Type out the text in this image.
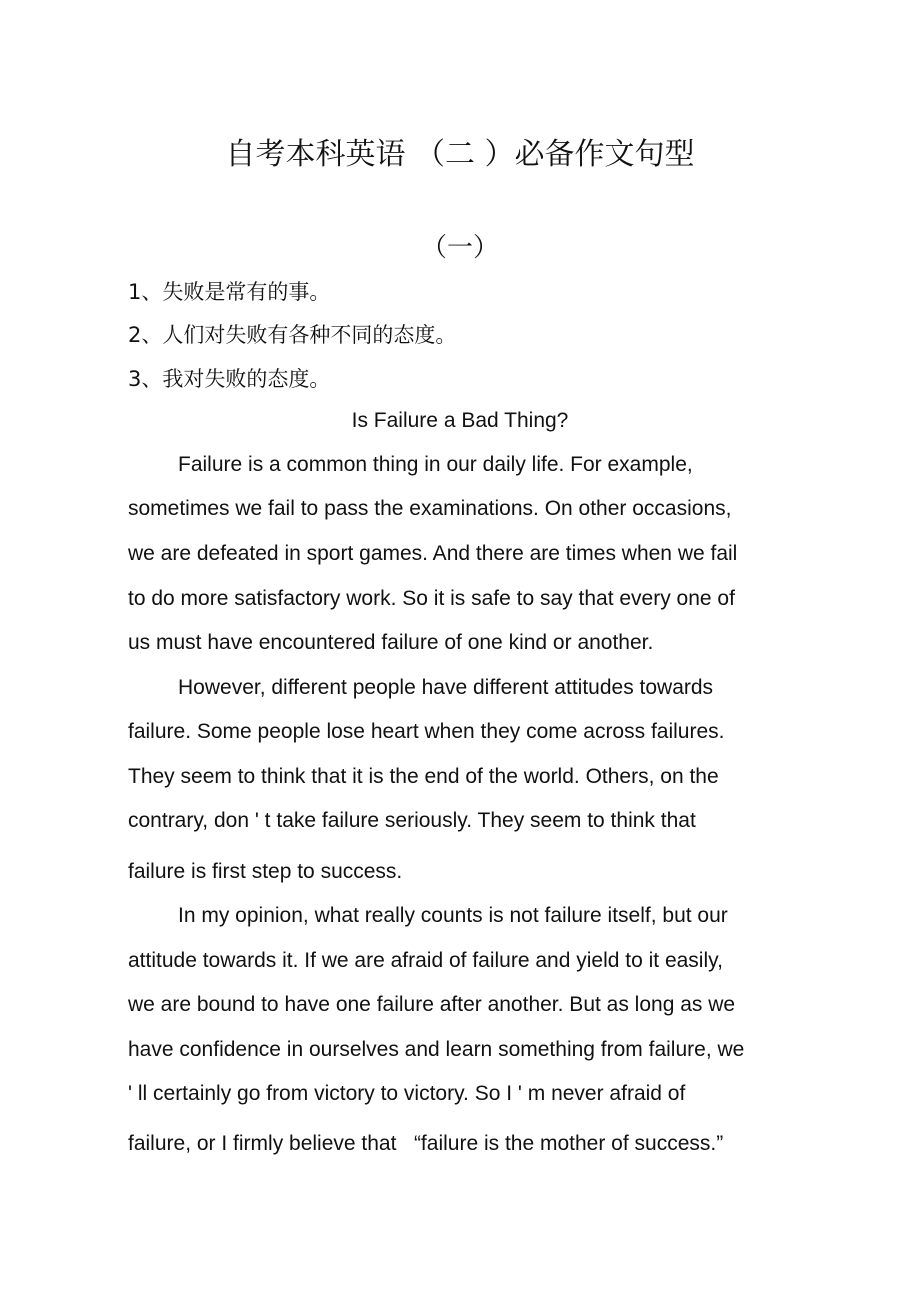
自考本科英语 （二 ）必备作文句型
（一）
1、失败是常有的事。
2、人们对失败有各种不同的态度。
3、我对失败的态度。
Is Failure a Bad Thing?
Failure is a common thing in our daily life. For example,
sometimes we fail to pass the examinations. On other occasions,
we are defeated in sport games. And there are times when we fail
to do more satisfactory work. So it is safe to say that every one of
us must have encountered failure of one kind or another.
However, different people have different attitudes towards
failure. Some people lose heart when they come across failures.
They seem to think that it is the end of the world. Others, on the
contrary, don ' t take failure seriously. They seem to think that
failure is first step to success.
In my opinion, what really counts is not failure itself, but our
attitude towards it. If we are afraid of failure and yield to it easily,
we are bound to have one failure after another. But as long as we
have confidence in ourselves and learn something from failure, we
' ll certainly go from victory to victory. So I ' m never afraid of
failure, or I firmly believe that   “failure is the mother of success.”
